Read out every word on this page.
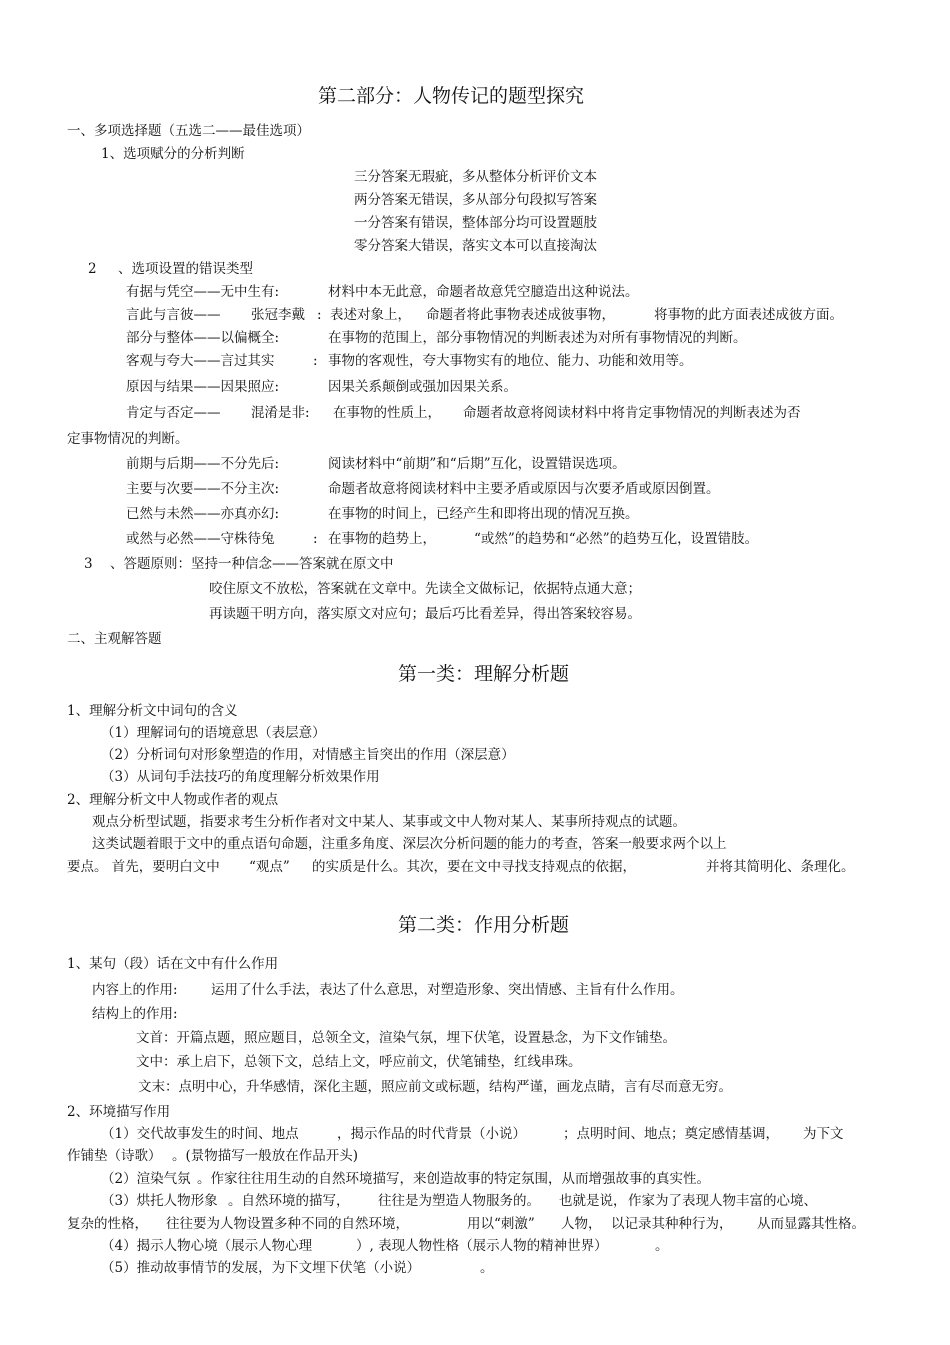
第二部分：人物传记的题型探究
一、多项选择题（五选二——最佳选项）
1、选项赋分的分析判断
三分答案无瑕疵，多从整体分析评价文本
两分答案无错误，多从部分句段拟写答案
一分答案有错误，整体部分均可设置题肢
零分答案大错误，落实文本可以直接淘汰
2 、选项设置的错误类型
有据与凭空——无中生有:	材料中本无此意，命题者故意凭空臆造出这种说法。
言此与言彼—— 张冠李戴 : 表述对象上， 命题者将此事物表述成彼事物，	将事物的此方面表述成彼方面。
部分与整体——以偏概全:	在事物的范围上，部分事物情况的判断表述为对所有事物情况的判断。
客观与夸大——言过其实	: 事物的客观性，夸大事物实有的地位、能力、功能和效用等。
原因与结果——因果照应:	因果关系颠倒或强加因果关系。
肯定与否定—— 混淆是非: 在事物的性质上， 命题者故意将阅读材料中将肯定事物情况的判断表述为否
定事物情况的判断。
前期与后期——不分先后:	阅读材料中“前期”和“后期”互化，设置错误选项。
主要与次要——不分主次:	命题者故意将阅读材料中主要矛盾或原因与次要矛盾或原因倒置。
已然与未然——亦真亦幻:	在事物的时间上，已经产生和即将出现的情况互换。
或然与必然——守株待兔	: 在事物的趋势上，	“或然”的趋势和“必然”的趋势互化，设置错肢。
3 、答题原则：坚持一种信念——答案就在原文中
咬住原文不放松，答案就在文章中。先读全文做标记，依据特点通大意；
再读题干明方向，落实原文对应句；最后巧比看差异，得出答案较容易。
二、主观解答题
第一类：理解分析题
1、理解分析文中词句的含义
（1）理解词句的语境意思（表层意）
（2）分析词句对形象塑造的作用，对情感主旨突出的作用（深层意）
（3）从词句手法技巧的角度理解分析效果作用
2、理解分析文中人物或作者的观点
观点分析型试题，指要求考生分析作者对文中某人、某事或文中人物对某人、某事所持观点的试题。
这类试题着眼于文中的重点语句命题，注重多角度、深层次分析问题的能力的考查，答案一般要求两个以上
要点。 首先，要明白文中 “观点” 的实质是什么。其次，要在文中寻找支持观点的依据，	并将其简明化、条理化。
第二类：作用分析题
1、某句（段）话在文中有什么作用
内容上的作用: 运用了什么手法，表达了什么意思，对塑造形象、突出情感、主旨有什么作用。
结构上的作用:
文首：开篇点题，照应题目，总领全文，渲染气氛，埋下伏笔，设置悬念，为下文作铺垫。
文中：承上启下，总领下文，总结上文，呼应前文，伏笔铺垫，红线串珠。
文末：点明中心，升华感情，深化主题，照应前文或标题，结构严谨，画龙点睛，言有尽而意无穷。
2、环境描写作用
（1）交代故事发生的时间、地点	，揭示作品的时代背景（小说）	；点明时间、地点；奠定感情基调， 为下文
作铺垫（诗歌） 。(景物描写一般放在作品开头)
（2）渲染气氛 。作家往往用生动的自然环境描写，来创造故事的特定氛围，从而增强故事的真实性。
（3）烘托人物形象 。自然环境的描写， 往往是为塑造人物服务的。 也就是说， 作家为了表现人物丰富的心境、
复杂的性格， 往往要为人物设置多种不同的自然环境，	用以“刺激” 人物， 以记录其种种行为， 从而显露其性格。
（4）揭示人物心境（展示人物心理	）, 表现人物性格（展示人物的精神世界）	。
（5）推动故事情节的发展，为下文埋下伏笔（小说）	。
